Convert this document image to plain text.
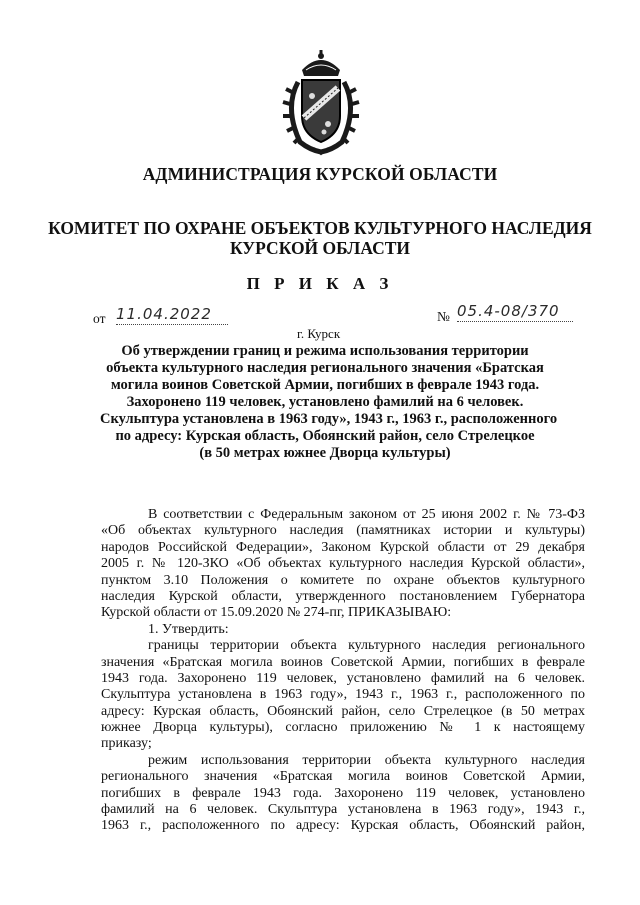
АДМИНИСТРАЦИЯ КУРСКОЙ ОБЛАСТИ
КОМИТЕТ ПО ОХРАНЕ ОБЪЕКТОВ КУЛЬТУРНОГО НАСЛЕДИЯ
КУРСКОЙ ОБЛАСТИ
П Р И К А З
от 11.04.2022	№ 05.4-08/370
г. Курск
Об утверждении границ и режима использования территории
объекта культурного наследия регионального значения «Братская
могила воинов Советской Армии, погибших в феврале 1943 года.
Захоронено 119 человек, установлено фамилий на 6 человек.
Скульптура установлена в 1963 году», 1943 г., 1963 г., расположенного
по адресу: Курская область, Обоянский район, село Стрелецкое
(в 50 метрах южнее Дворца культуры)
В соответствии с Федеральным законом от 25 июня 2002 г. № 73-ФЗ
«Об объектах культурного наследия (памятниках истории и культуры)
народов Российской Федерации», Законом Курской области от 29 декабря
2005 г. № 120-ЗКО «Об объектах культурного наследия Курской области»,
пунктом 3.10 Положения о комитете по охране объектов культурного
наследия Курской области, утвержденного постановлением Губернатора
Курской области от 15.09.2020 № 274-пг, ПРИКАЗЫВАЮ:
1. Утвердить:
границы территории объекта культурного наследия регионального
значения «Братская могила воинов Советской Армии, погибших в феврале
1943 года. Захоронено 119 человек, установлено фамилий на 6 человек.
Скульптура установлена в 1963 году», 1943 г., 1963 г., расположенного по
адресу: Курская область, Обоянский район, село Стрелецкое (в 50 метрах
южнее Дворца культуры), согласно приложению № 1 к настоящему
приказу;
режим использования территории объекта культурного наследия
регионального значения «Братская могила воинов Советской Армии,
погибших в феврале 1943 года. Захоронено 119 человек, установлено
фамилий на 6 человек. Скульптура установлена в 1963 году», 1943 г.,
1963 г., расположенного по адресу: Курская область, Обоянский район,
